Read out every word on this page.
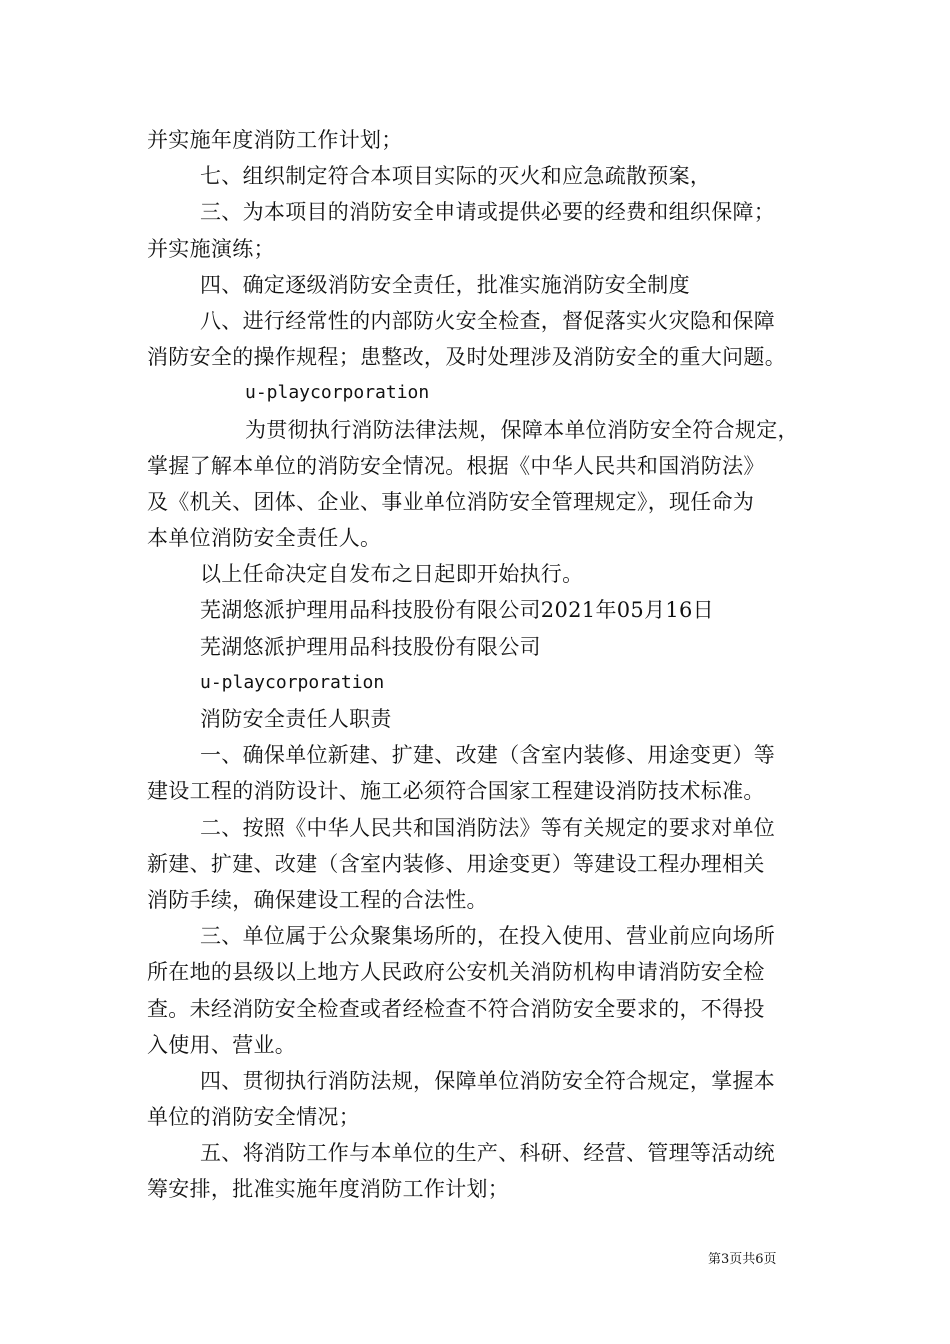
并实施年度消防工作计划；
七、组织制定符合本项目实际的灭火和应急疏散预案，
三、为本项目的消防安全申请或提供必要的经费和组织保障；
并实施演练；
四、确定逐级消防安全责任，批准实施消防安全制度
八、进行经常性的内部防火安全检查，督促落实火灾隐和保障
消防安全的操作规程；患整改，及时处理涉及消防安全的重大问题。
u-playcorporation
为贯彻执行消防法律法规，保障本单位消防安全符合规定，
掌握了解本单位的消防安全情况。根据《中华人民共和国消防法》
及《机关、团体、企业、事业单位消防安全管理规定》，现任命为
本单位消防安全责任人。
以上任命决定自发布之日起即开始执行。
芜湖悠派护理用品科技股份有限公司2021年05月16日
芜湖悠派护理用品科技股份有限公司
u-playcorporation
消防安全责任人职责
一、确保单位新建、扩建、改建（含室内装修、用途变更）等
建设工程的消防设计、施工必须符合国家工程建设消防技术标准。
二、按照《中华人民共和国消防法》等有关规定的要求对单位
新建、扩建、改建（含室内装修、用途变更）等建设工程办理相关
消防手续，确保建设工程的合法性。
三、单位属于公众聚集场所的，在投入使用、营业前应向场所
所在地的县级以上地方人民政府公安机关消防机构申请消防安全检
查。未经消防安全检查或者经检查不符合消防安全要求的，不得投
入使用、营业。
四、贯彻执行消防法规，保障单位消防安全符合规定，掌握本
单位的消防安全情况；
五、将消防工作与本单位的生产、科研、经营、管理等活动统
筹安排，批准实施年度消防工作计划；
第3页共6页
